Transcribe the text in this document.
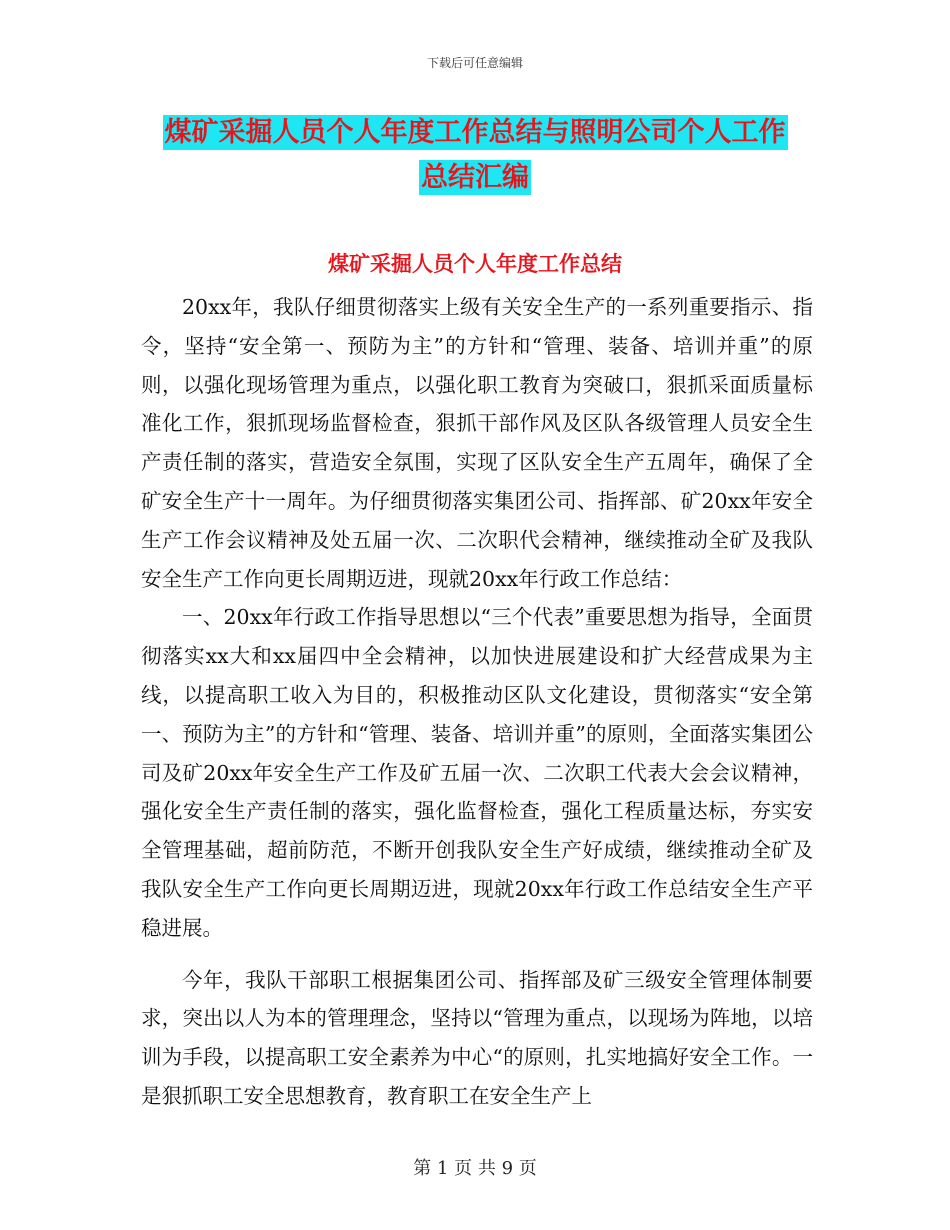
下载后可任意编辑
煤矿采掘人员个人年度工作总结与照明公司个人工作
总结汇编
煤矿采掘人员个人年度工作总结

20xx年，我队仔细贯彻落实上级有关安全生产的一系列重要指示、指令，坚持“安全第一、预防为主”的方针和“管理、装备、培训并重”的原则，以强化现场管理为重点，以强化职工教育为突破口，狠抓采面质量标准化工作，狠抓现场监督检查，狠抓干部作风及区队各级管理人员安全生产责任制的落实，营造安全氛围，实现了区队安全生产五周年，确保了全矿安全生产十一周年。为仔细贯彻落实集团公司、指挥部、矿20xx年安全生产工作会议精神及处五届一次、二次职代会精神，继续推动全矿及我队安全生产工作向更长周期迈进，现就20xx年行政工作总结：

一、20xx年行政工作指导思想以“三个代表”重要思想为指导，全面贯彻落实xx大和xx届四中全会精神，以加快进展建设和扩大经营成果为主线，以提高职工收入为目的，积极推动区队文化建设，贯彻落实“安全第一、预防为主”的方针和“管理、装备、培训并重”的原则，全面落实集团公司及矿20xx年安全生产工作及矿五届一次、二次职工代表大会会议精神，强化安全生产责任制的落实，强化监督检查，强化工程质量达标，夯实安全管理基础，超前防范，不断开创我队安全生产好成绩，继续推动全矿及我队安全生产工作向更长周期迈进，现就20xx年行政工作总结安全生产平稳进展。

今年，我队干部职工根据集团公司、指挥部及矿三级安全管理体制要求，突出以人为本的管理理念，坚持以“管理为重点，以现场为阵地，以培训为手段，以提高职工安全素养为中心“的原则，扎实地搞好安全工作。一是狠抓职工安全思想教育，教育职工在安全生产上

第 1 页 共 9 页
